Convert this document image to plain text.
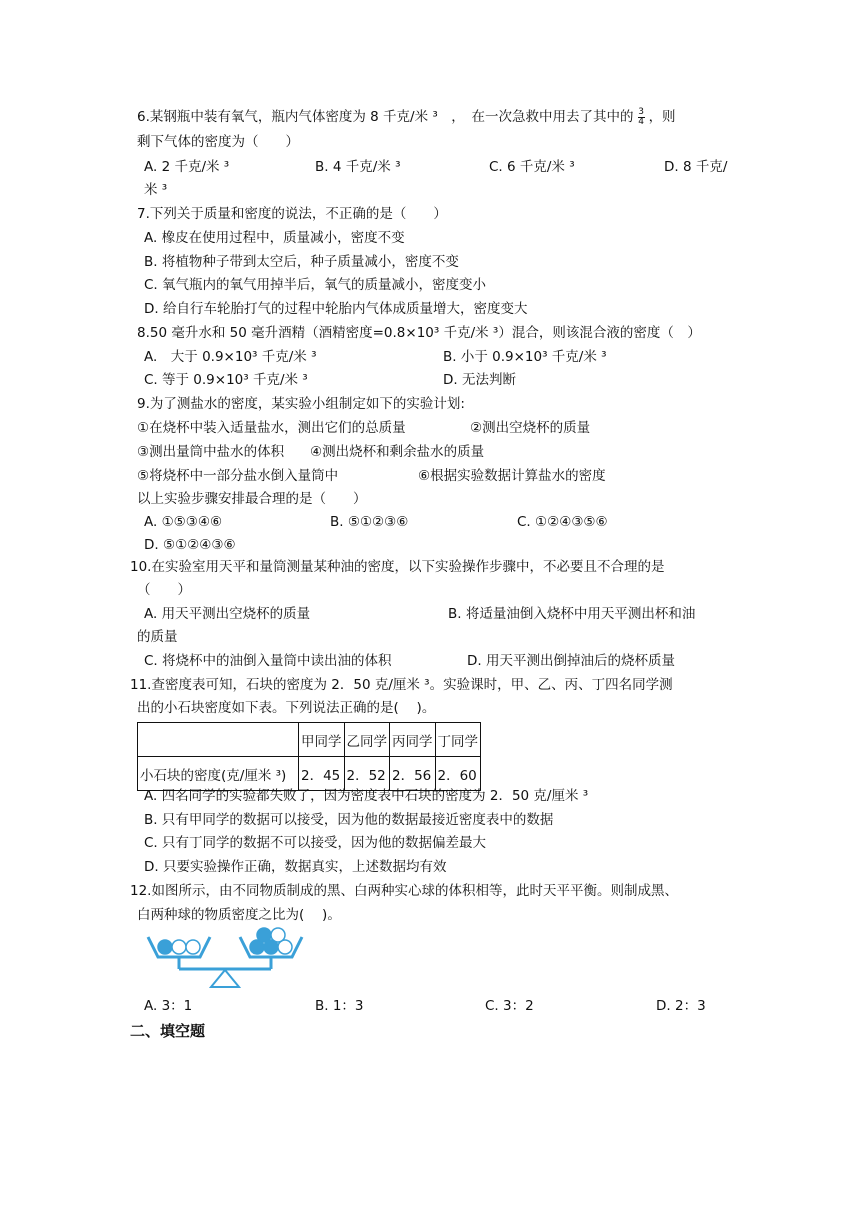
6.某钢瓶中装有氧气，瓶内气体密度为 8 千克/米 ³　，　在一次急救中用去了其中的 $\frac{3}{4}$ ，则
剩下气体的密度为（　　）
A. 2 千克/米 ³	B. 4 千克/米 ³	C. 6 千克/米 ³	D. 8 千克/
米 ³
7.下列关于质量和密度的说法，不正确的是（　　）
A. 橡皮在使用过程中，质量减小，密度不变
B. 将植物种子带到太空后，种子质量减小，密度不变
C. 氧气瓶内的氧气用掉半后，氧气的质量减小，密度变小
D. 给自行车轮胎打气的过程中轮胎内气体成质量增大，密度变大
8.50 毫升水和 50 毫升酒精（酒精密度=0.8×10³ 千克/米 ³）混合，则该混合液的密度（　）
A.　大于 0.9×10³ 千克/米 ³	B. 小于 0.9×10³ 千克/米 ³
C. 等于 0.9×10³ 千克/米 ³	D. 无法判断
9.为了测盐水的密度，某实验小组制定如下的实验计划:
①在烧杯中装入适量盐水，测出它们的总质量	②测出空烧杯的质量
③测出量筒中盐水的体积 ④测出烧杯和剩余盐水的质量
⑤将烧杯中一部分盐水倒入量筒中	⑥根据实验数据计算盐水的密度
以上实验步骤安排最合理的是（　　）
A. ①⑤③④⑥	B. ⑤①②③⑥	C. ①②④③⑤⑥
D. ⑤①②④③⑥
10.在实验室用天平和量筒测量某种油的密度，以下实验操作步骤中，不必要且不合理的是
（　　）
A. 用天平测出空烧杯的质量	B. 将适量油倒入烧杯中用天平测出杯和油
的质量
C. 将烧杯中的油倒入量筒中读出油的体积	D. 用天平测出倒掉油后的烧杯质量
11.查密度表可知，石块的密度为 2．50 克/厘米 ³。实验课时，甲、乙、丙、丁四名同学测
出的小石块密度如下表。下列说法正确的是(　 )。
	甲同学	乙同学	丙同学	丁同学
小石块的密度(克/厘米 ³)	2．45	2．52	2．56	2．60
A. 四名同学的实验都失败了，因为密度表中石块的密度为 2．50 克/厘米 ³
B. 只有甲同学的数据可以接受，因为他的数据最接近密度表中的数据
C. 只有丁同学的数据不可以接受，因为他的数据偏差最大
D. 只要实验操作正确，数据真实，上述数据均有效
12.如图所示，由不同物质制成的黑、白两种实心球的体积相等，此时天平平衡。则制成黑、
白两种球的物质密度之比为(　 )。
A. 3：1	B. 1：3	C. 3：2	D. 2：3
二、填空题
